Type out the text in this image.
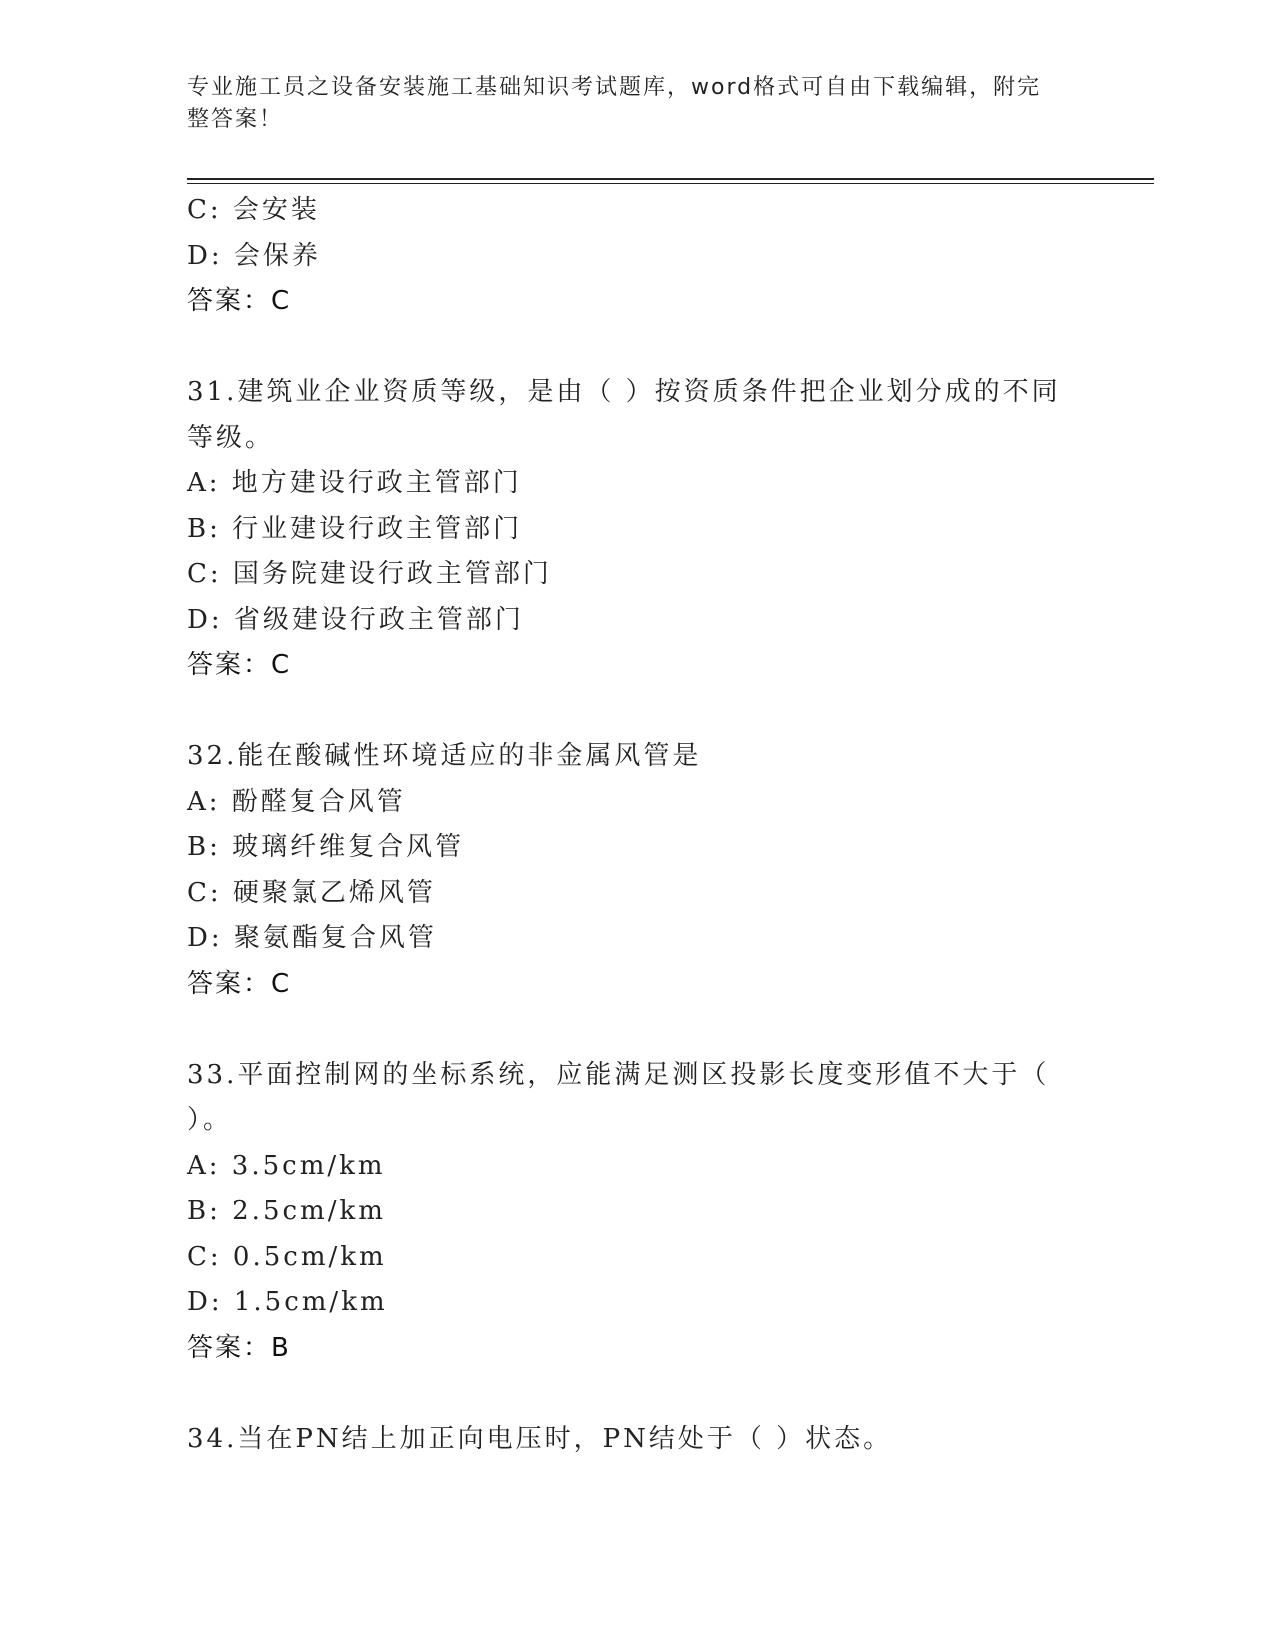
专业施工员之设备安装施工基础知识考试题库，word格式可自由下载编辑，附完
整答案！
C: 会安装
D: 会保养
答案：C
31.建筑业企业资质等级，是由（ ）按资质条件把企业划分成的不同
等级。
A: 地方建设行政主管部门
B: 行业建设行政主管部门
C: 国务院建设行政主管部门
D: 省级建设行政主管部门
答案：C
32.能在酸碱性环境适应的非金属风管是
A: 酚醛复合风管
B: 玻璃纤维复合风管
C: 硬聚氯乙烯风管
D: 聚氨酯复合风管
答案：C
33.平面控制网的坐标系统，应能满足测区投影长度变形值不大于（
）。
A: 3.5cm/km
B: 2.5cm/km
C: 0.5cm/km
D: 1.5cm/km
答案：B
34.当在PN结上加正向电压时，PN结处于（ ）状态。
